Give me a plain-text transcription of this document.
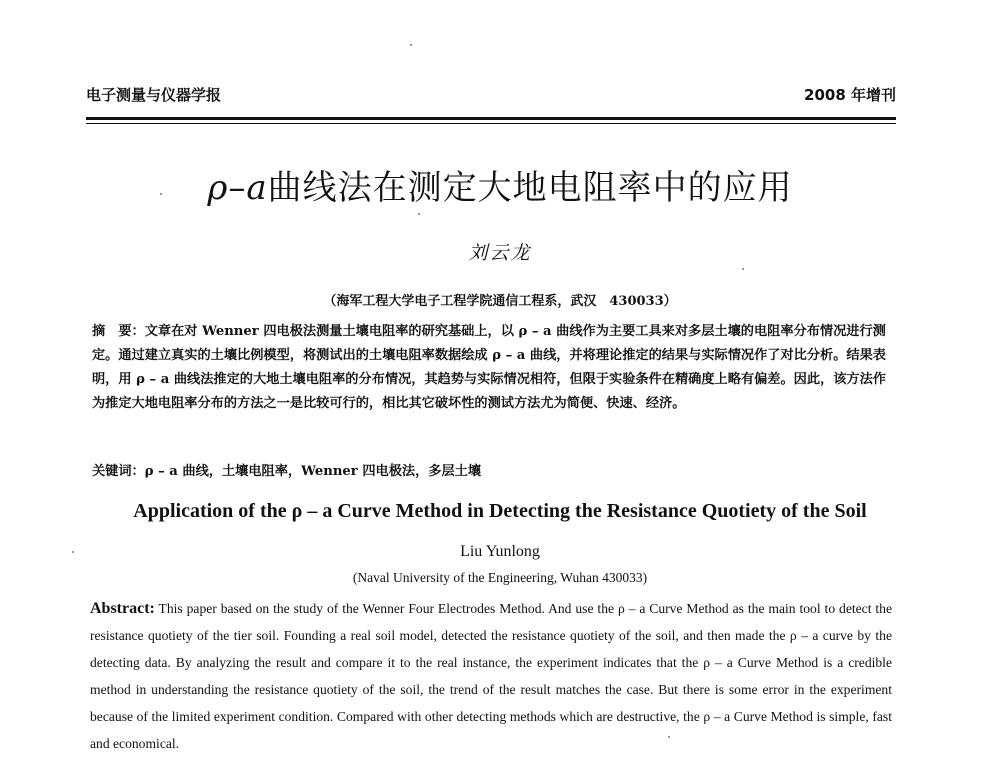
电子测量与仪器学报	2008 年增刊
ρ–a曲线法在测定大地电阻率中的应用
刘云龙
（海军工程大学电子工程学院通信工程系，武汉　430033）
摘　要：文章在对 Wenner 四电极法测量土壤电阻率的研究基础上，以 ρ – a 曲线作为主要工具来对多层土壤的电阻率分布情况进行测定。通过建立真实的土壤比例模型，将测试出的土壤电阻率数据绘成 ρ – a 曲线，并将理论推定的结果与实际情况作了对比分析。结果表明，用 ρ – a 曲线法推定的大地土壤电阻率的分布情况，其趋势与实际情况相符，但限于实验条件在精确度上略有偏差。因此，该方法作为推定大地电阻率分布的方法之一是比较可行的，相比其它破坏性的测试方法尤为简便、快速、经济。
关键词：ρ – a 曲线，土壤电阻率，Wenner 四电极法，多层土壤
Application of the ρ – a Curve Method in Detecting the Resistance Quotiety of the Soil
Liu Yunlong
(Naval University of the Engineering, Wuhan 430033)
Abstract: This paper based on the study of the Wenner Four Electrodes Method. And use the ρ – a Curve Method as the main tool to detect the resistance quotiety of the tier soil. Founding a real soil model, detected the resistance quotiety of the soil, and then made the ρ – a curve by the detecting data. By analyzing the result and compare it to the real instance, the experiment indicates that the ρ – a Curve Method is a credible method in understanding the resistance quotiety of the soil, the trend of the result matches the case. But there is some error in the experiment because of the limited experiment condition. Compared with other detecting methods which are destructive, the ρ – a Curve Method is simple, fast and economical.
